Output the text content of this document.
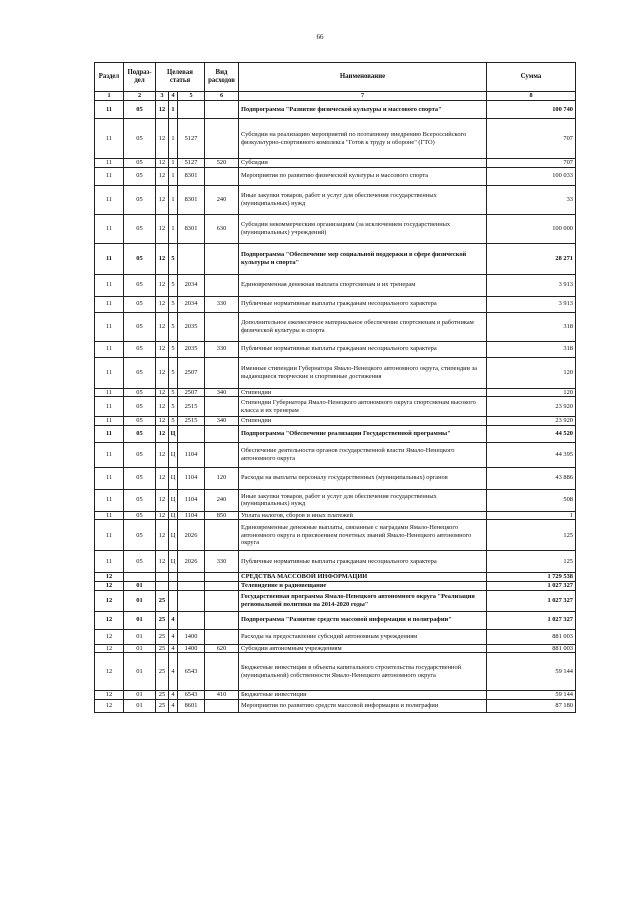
66
Раздел	Подраз-дел	Целевая статья			Вид расходов	Наименование	Сумма
1	2	3	4	5	6	7	8
11	05	12	1			Подпрограмма "Развитие физической культуры и массового спорта"	100 740
11	05	12	1	5127		Субсидии на реализацию мероприятий по поэтапному внедрению Всероссийского физкультурно-спортивного комплекса "Готов к труду и обороне" (ГТО)	707
11	05	12	1	5127	520	Субсидии	707
11	05	12	1	8301		Мероприятия по развитию физической культуры и массового спорта	100 033
11	05	12	1	8301	240	Иные закупки товаров, работ и услуг для обеспечения государственных (муниципальных) нужд	33
11	05	12	1	8301	630	Субсидии некоммерческим организациям (за исключением государственных (муниципальных) учреждений)	100 000
11	05	12	5			Подпрограмма "Обеспечение мер социальной поддержки в сфере физической культуры и спорта"	28 271
11	05	12	5	2034		Единовременная денежная выплата спортсменам и их тренерам	3 913
11	05	12	5	2034	330	Публичные нормативные выплаты гражданам несоциального характера	3 913
11	05	12	5	2035		Дополнительное ежемесячное материальное обеспечение спортсменам и работникам физической культуры и спорта	318
11	05	12	5	2035	330	Публичные нормативные выплаты гражданам несоциального характера	318
11	05	12	5	2507		Именные стипендии Губернатора Ямало-Ненецкого автономного округа, стипендии за выдающиеся творческие и спортивные достижения	120
11	05	12	5	2507	340	Стипендии	120
11	05	12	5	2515		Стипендии Губернатора Ямало-Ненецкого автономного округа спортсменам высокого класса и их тренерам	23 920
11	05	12	5	2515	340	Стипендии	23 920
11	05	12	Ц			Подпрограмма "Обеспечение реализации Государственной программы"	44 520
11	05	12	Ц	1104		Обеспечение деятельности органов государственной власти Ямало-Ненецкого автономного округа	44 395
11	05	12	Ц	1104	120	Расходы на выплаты персоналу государственных (муниципальных) органов	43 886
11	05	12	Ц	1104	240	Иные закупки товаров, работ и услуг для обеспечения государственных (муниципальных) нужд	508
11	05	12	Ц	1104	850	Уплата налогов, сборов и иных платежей	1
11	05	12	Ц	2026		Единовременные денежные выплаты, связанные с наградами Ямало-Ненецкого автономного округа и присвоением почетных званий Ямало-Ненецкого автономного округа	125
11	05	12	Ц	2026	330	Публичные нормативные выплаты гражданам несоциального характера	125
12						СРЕДСТВА МАССОВОЙ ИНФОРМАЦИИ	1 729 538
12	01					Телевидение и радиовещание	1 027 327
12	01	25				Государственная программа Ямало-Ненецкого автономного округа "Реализация региональной политики на 2014-2020 годы"	1 027 327
12	01	25	4			Подпрограмма "Развитие средств массовой информации и полиграфии"	1 027 327
12	01	25	4	1400		Расходы на предоставление субсидий автономным учреждениям	881 003
12	01	25	4	1400	620	Субсидии автономным учреждениям	881 003
12	01	25	4	6543		Бюджетные инвестиции в объекты капитального строительства государственной (муниципальной) собственности Ямало-Ненецкого автономного округа	59 144
12	01	25	4	6543	410	Бюджетные инвестиции	59 144
12	01	25	4	8601		Мероприятия по развитию средств массовой информации и полиграфии	87 180
